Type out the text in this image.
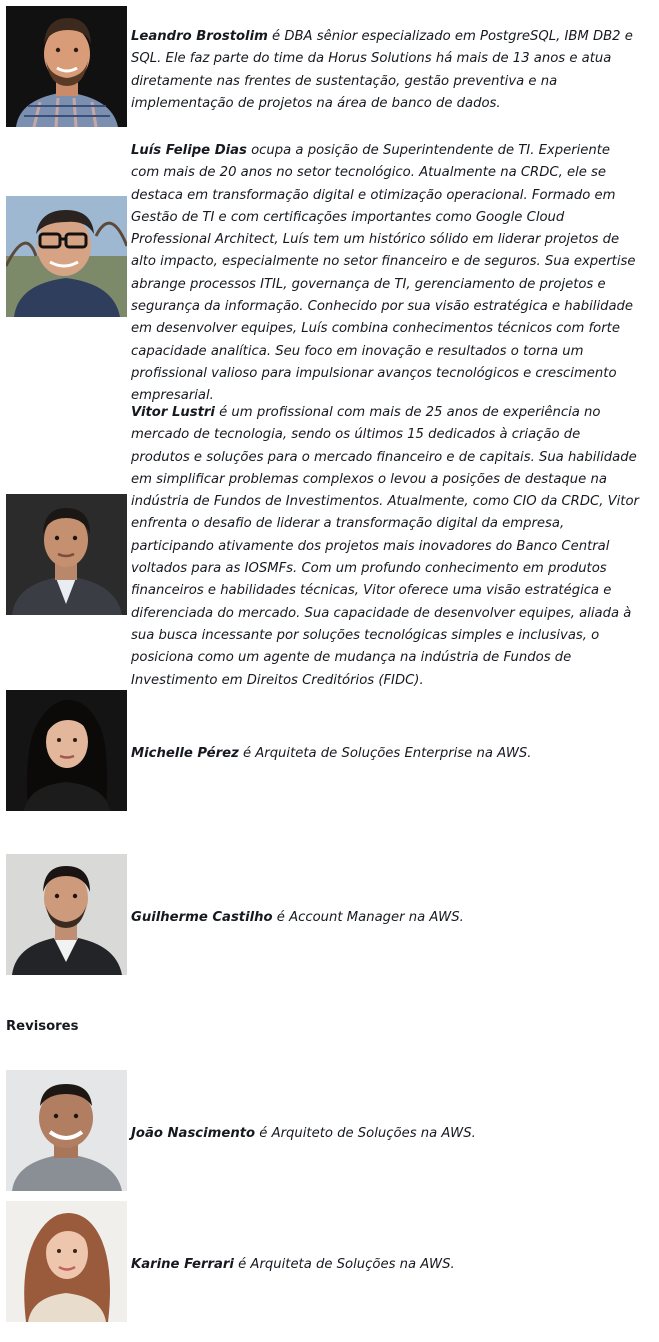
Leandro Brostolim é DBA sênior especializado em PostgreSQL, IBM DB2 e SQL. Ele faz parte do time da Horus Solutions há mais de 13 anos e atua diretamente nas frentes de sustentação, gestão preventiva e na implementação de projetos na área de banco de dados.
Luís Felipe Dias ocupa a posição de Superintendente de TI. Experiente com mais de 20 anos no setor tecnológico. Atualmente na CRDC, ele se destaca em transformação digital e otimização operacional. Formado em Gestão de TI e com certificações importantes como Google Cloud Professional Architect, Luís tem um histórico sólido em liderar projetos de alto impacto, especialmente no setor financeiro e de seguros. Sua expertise abrange processos ITIL, governança de TI, gerenciamento de projetos e segurança da informação. Conhecido por sua visão estratégica e habilidade em desenvolver equipes, Luís combina conhecimentos técnicos com forte capacidade analítica. Seu foco em inovação e resultados o torna um profissional valioso para impulsionar avanços tecnológicos e crescimento empresarial.
Vitor Lustri é um profissional com mais de 25 anos de experiência no mercado de tecnologia, sendo os últimos 15 dedicados à criação de produtos e soluções para o mercado financeiro e de capitais. Sua habilidade em simplificar problemas complexos o levou a posições de destaque na indústria de Fundos de Investimentos. Atualmente, como CIO da CRDC, Vitor enfrenta o desafio de liderar a transformação digital da empresa, participando ativamente dos projetos mais inovadores do Banco Central voltados para as IOSMFs. Com um profundo conhecimento em produtos financeiros e habilidades técnicas, Vitor oferece uma visão estratégica e diferenciada do mercado. Sua capacidade de desenvolver equipes, aliada à sua busca incessante por soluções tecnológicas simples e inclusivas, o posiciona como um agente de mudança na indústria de Fundos de Investimento em Direitos Creditórios (FIDC).
Michelle Pérez é Arquiteta de Soluções Enterprise na AWS.
Guilherme Castilho é Account Manager na AWS.
Revisores
João Nascimento é Arquiteto de Soluções na AWS.
Karine Ferrari é Arquiteta de Soluções na AWS.
